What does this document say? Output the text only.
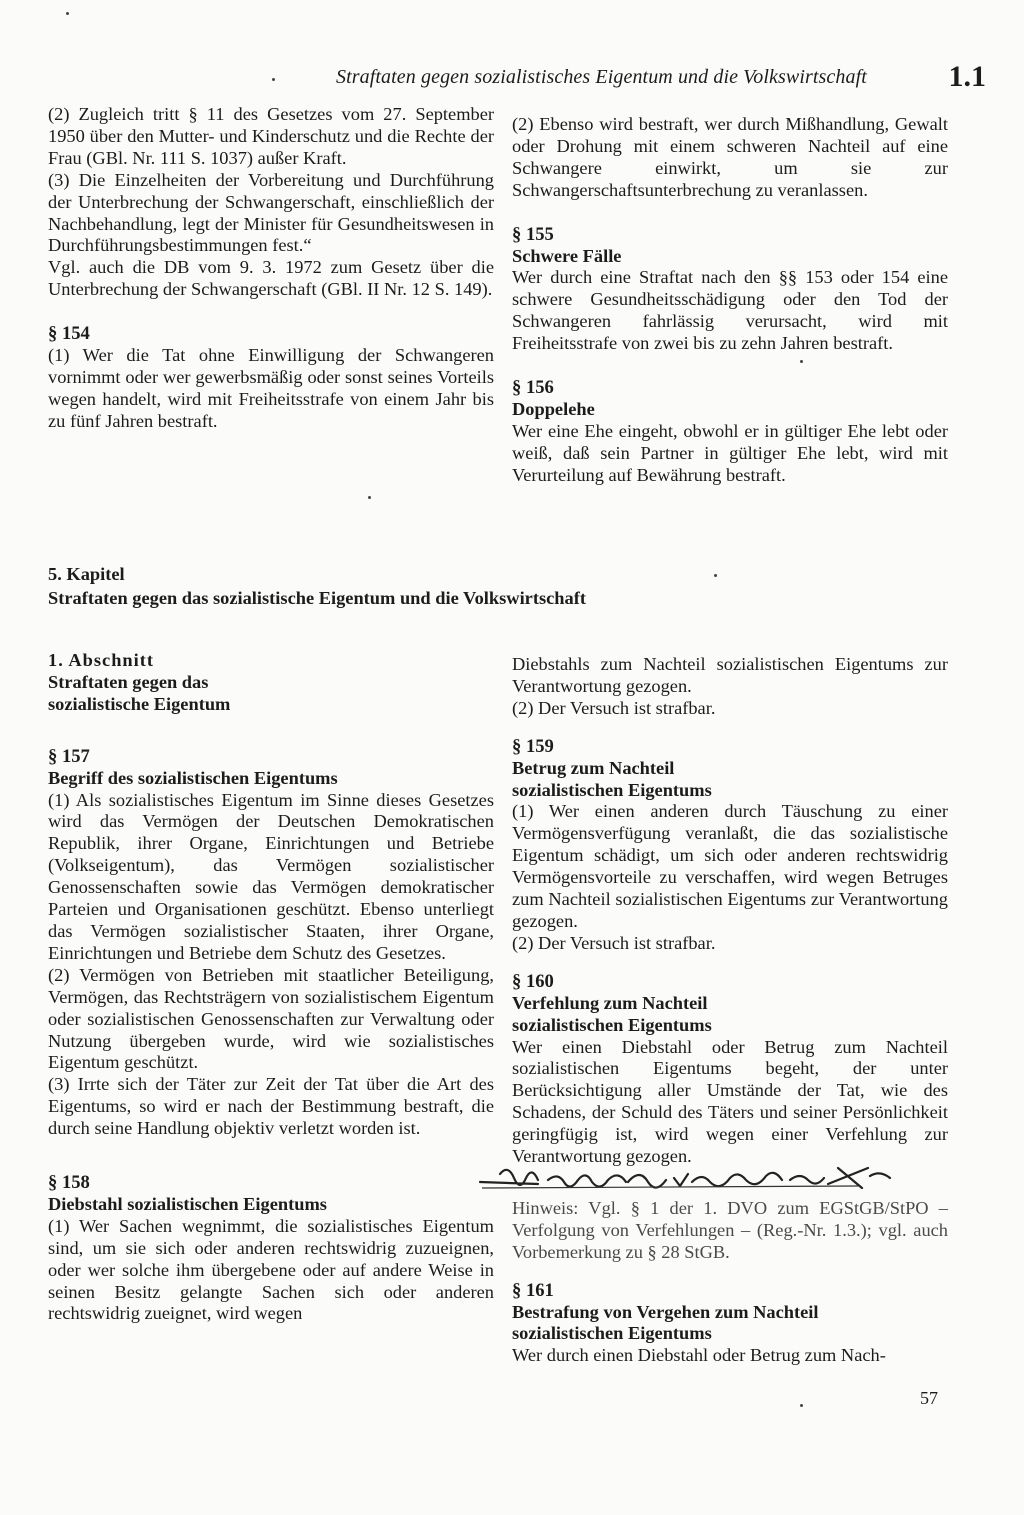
Straftaten gegen sozialistisches Eigentum und die Volkswirtschaft	1.1

(2) Zugleich tritt § 11 des Gesetzes vom 27. September 1950 über den Mutter- und Kinderschutz und die Rechte der Frau (GBl. Nr. 111 S. 1037) außer Kraft.

(3) Die Einzelheiten der Vorbereitung und Durchführung der Unterbrechung der Schwangerschaft, einschließlich der Nachbehandlung, legt der Minister für Gesundheitswesen in Durchführungsbestimmungen fest.“

Vgl. auch die DB vom 9. 3. 1972 zum Gesetz über die Unterbrechung der Schwangerschaft (GBl. II Nr. 12 S. 149).

§ 154

(1) Wer die Tat ohne Einwilligung der Schwangeren vornimmt oder wer gewerbsmäßig oder sonst seines Vorteils wegen handelt, wird mit Freiheitsstrafe von einem Jahr bis zu fünf Jahren bestraft.

(2) Ebenso wird bestraft, wer durch Mißhandlung, Gewalt oder Drohung mit einem schweren Nachteil auf eine Schwangere einwirkt, um sie zur Schwangerschaftsunterbrechung zu veranlassen.

§ 155

Schwere Fälle

Wer durch eine Straftat nach den §§ 153 oder 154 eine schwere Gesundheitsschädigung oder den Tod der Schwangeren fahrlässig verursacht, wird mit Freiheitsstrafe von zwei bis zu zehn Jahren bestraft.

§ 156

Doppelehe

Wer eine Ehe eingeht, obwohl er in gültiger Ehe lebt oder weiß, daß sein Partner in gültiger Ehe lebt, wird mit Verurteilung auf Bewährung bestraft.

5. Kapitel
Straftaten gegen das sozialistische Eigentum und die Volkswirtschaft

1. Abschnitt

Straftaten gegen das

sozialistische Eigentum

§ 157

Begriff des sozialistischen Eigentums

(1) Als sozialistisches Eigentum im Sinne dieses Gesetzes wird das Vermögen der Deutschen Demokratischen Republik, ihrer Organe, Einrichtungen und Betriebe (Volkseigentum), das Vermögen sozialistischer Genossenschaften sowie das Vermögen demokratischer Parteien und Organisationen geschützt. Ebenso unterliegt das Vermögen sozialistischer Staaten, ihrer Organe, Einrichtungen und Betriebe dem Schutz des Gesetzes.

(2) Vermögen von Betrieben mit staatlicher Beteiligung, Vermögen, das Rechtsträgern von sozialistischem Eigentum oder sozialistischen Genossenschaften zur Verwaltung oder Nutzung übergeben wurde, wird wie sozialistisches Eigentum geschützt.

(3) Irrte sich der Täter zur Zeit der Tat über die Art des Eigentums, so wird er nach der Bestimmung bestraft, die durch seine Handlung objektiv verletzt worden ist.

§ 158

Diebstahl sozialistischen Eigentums

(1) Wer Sachen wegnimmt, die sozialistisches Eigentum sind, um sie sich oder anderen rechtswidrig zuzueignen, oder wer solche ihm übergebene oder auf andere Weise in seinen Besitz gelangte Sachen sich oder anderen rechtswidrig zueignet, wird wegen

Diebstahls zum Nachteil sozialistischen Eigentums zur Verantwortung gezogen.

(2) Der Versuch ist strafbar.

§ 159

Betrug zum Nachteil

sozialistischen Eigentums

(1) Wer einen anderen durch Täuschung zu einer Vermögensverfügung veranlaßt, die das sozialistische Eigentum schädigt, um sich oder anderen rechtswidrig Vermögensvorteile zu verschaffen, wird wegen Betruges zum Nachteil sozialistischen Eigentums zur Verantwortung gezogen.

(2) Der Versuch ist strafbar.

§ 160

Verfehlung zum Nachteil

sozialistischen Eigentums

Wer einen Diebstahl oder Betrug zum Nachteil sozialistischen Eigentums begeht, der unter Berücksichtigung aller Umstände der Tat, wie des Schadens, der Schuld des Täters und seiner Persönlichkeit geringfügig ist, wird wegen einer Verfehlung zur Verantwortung gezogen.

Hinweis: Vgl. § 1 der 1. DVO zum EGStGB/StPO – Verfolgung von Verfehlungen – (Reg.-Nr. 1.3.); vgl. auch Vorbemerkung zu § 28 StGB.

§ 161

Bestrafung von Vergehen zum Nachteil

sozialistischen Eigentums

Wer durch einen Diebstahl oder Betrug zum Nach-

57
